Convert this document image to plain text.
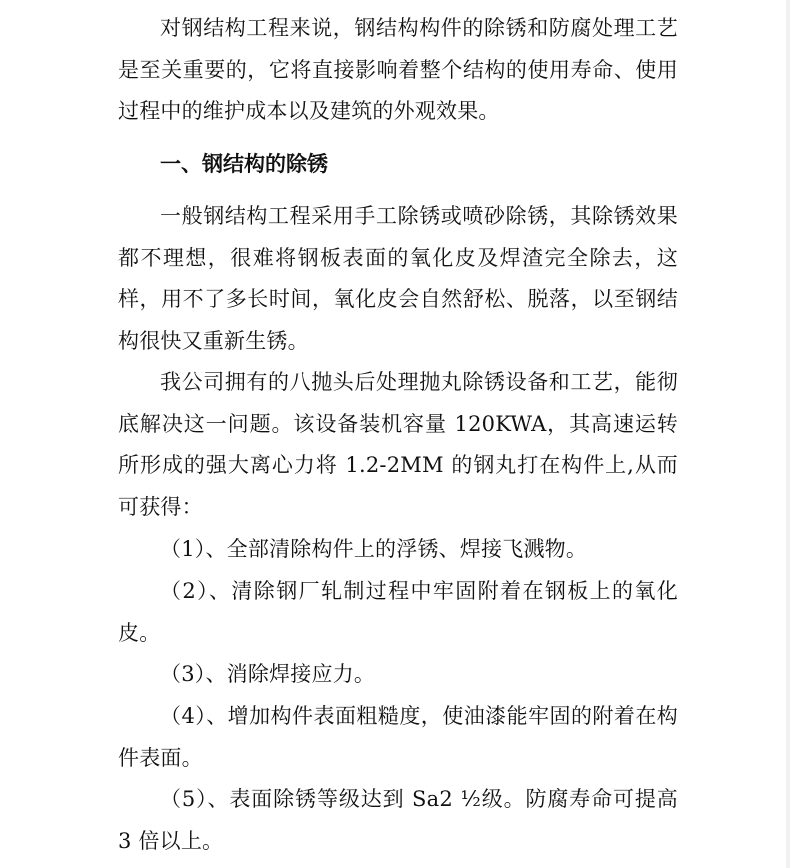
对钢结构工程来说，钢结构构件的除锈和防腐处理工艺是至关重要的，它将直接影响着整个结构的使用寿命、使用过程中的维护成本以及建筑的外观效果。

一、钢结构的除锈

一般钢结构工程采用手工除锈或喷砂除锈，其除锈效果都不理想，很难将钢板表面的氧化皮及焊渣完全除去，这样，用不了多长时间，氧化皮会自然舒松、脱落，以至钢结构很快又重新生锈。

我公司拥有的八抛头后处理抛丸除锈设备和工艺，能彻底解决这一问题。该设备装机容量 120KWA，其高速运转所形成的强大离心力将 1.2-2MM 的钢丸打在构件上,从而可获得：

（1）、全部清除构件上的浮锈、焊接飞溅物。

（2）、清除钢厂轧制过程中牢固附着在钢板上的氧化皮。

（3）、消除焊接应力。

（4）、增加构件表面粗糙度，使油漆能牢固的附着在构件表面。

（5）、表面除锈等级达到 Sa2 ½级。防腐寿命可提高 3 倍以上。
